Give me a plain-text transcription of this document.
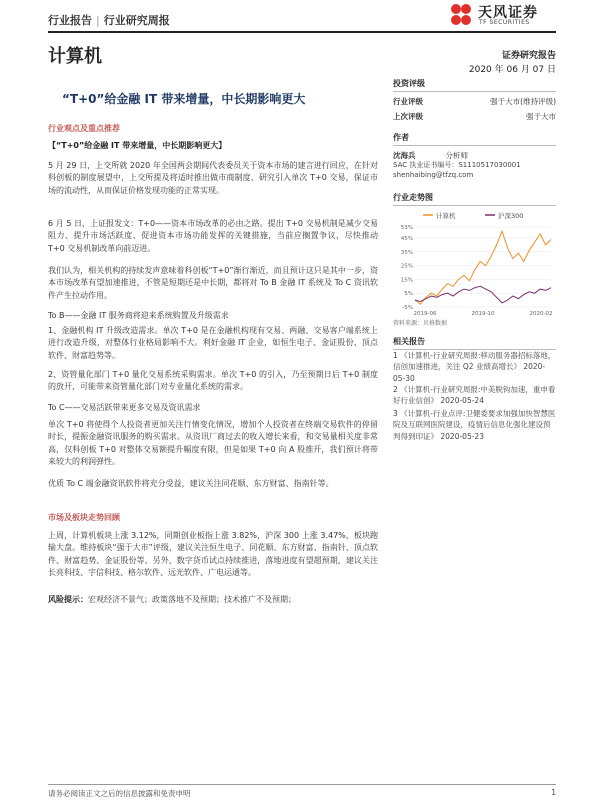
行业报告 | 行业研究周报	天风证券
TF SECURITIES
计算机	证券研究报告
2020 年 06 月 07 日
“T+0”给金融 IT 带来增量，中长期影响更大
投资评级
行业评级	强于大市(维持评级)
上次评级	强于大市
作者
沈海兵	分析师
SAC 执业证书编号：S1110517030001
shenhaibing@tfzq.com
行业走势图
计算机	沪深300
-5%
5%
15%
25%
35%
45%
53%
2019-06	2019-10	2020-02
资料来源：贝格数据
相关报告
1 《计算机-行业研究周报:移动服务器招标落地，信创加速推进，关注 Q2 业绩高增长》 2020-05-30
2 《计算机-行业研究周报:中美脱钩加速，重申看好行业信创》 2020-05-24
3 《计算机-行业点评:卫健委要求加强加快智慧医院及互联网医院建设，疫情后信息化强化建设预判得到印证》 2020-05-23
行业观点及重点推荐
【“T+0”给金融 IT 带来增量，中长期影响更大】
5 月 29 日，上交所就 2020 年全国两会期间代表委员关于资本市场的建言进行回应，在针对科创板的制度展望中，上交所提及将适时推出做市商制度、研究引入单次 T+0 交易，保证市场的流动性，从而保证价格发现功能的正常实现。
6 月 5 日，上证报发文：T+0——资本市场改革的必由之路。提出 T+0 交易机制是减少交易阻力、提升市场活跃度、促进资本市场功能发挥的关键措施，当前应搁置争议，尽快推动 T+0 交易机制改革向前迈进。
我们认为，相关机构的持续发声意味着科创板“T+0”渐行渐近，而且预计这只是其中一步，资本市场改革有望加速推进，不管是短期还是中长期，都将对 To B 金融 IT 系统及 To C 资讯软件产生拉动作用。
To B——金融 IT 服务商将迎来系统购置及升级需求
1、金融机构 IT 升级改造需求。单次 T+0 是在金融机构现有交易、两融、交易客户端系统上进行改造升级，对整体行业格局影响不大。利好金融 IT 企业，如恒生电子、金证股份、顶点软件、财富趋势等。
2、资管量化部门 T+0 量化交易系统采购需求。单次 T+0 的引入，乃至预期日后 T+0 制度的放开，可能带来资管量化部门对专业量化系统的需求。
To C——交易活跃带来更多交易及资讯需求
单次 T+0 将使得个人投资者更加关注行情变化情况，增加个人投资者在终端交易软件的停留时长，提振金融资讯服务的购买需求。从资讯厂商过去的收入增长来看，和交易量相关度非常高，仅科创板 T+0 对整体交易额提升幅度有限，但是如果 T+0 向 A 股推开，我们预计将带来较大的利润弹性。
优质 To C 端金融资讯软件将充分受益，建议关注同花顺、东方财富、指南针等。
市场及板块走势回顾
上周，计算机板块上涨 3.12%，同期创业板指上涨 3.82%，沪深 300 上涨 3.47%，板块跑输大盘。维持板块“强于大市”评级，建议关注恒生电子、同花顺、东方财富、指南针、顶点软件、财富趋势、金证股份等。另外，数字货币试点持续推进，落地进度有望超预期，建议关注长亮科技、宇信科技、格尔软件、远光软件、广电运通等。
风险提示：宏观经济不景气；政策落地不及预期；技术推广不及预期；
请务必阅读正文之后的信息披露和免责申明	1
